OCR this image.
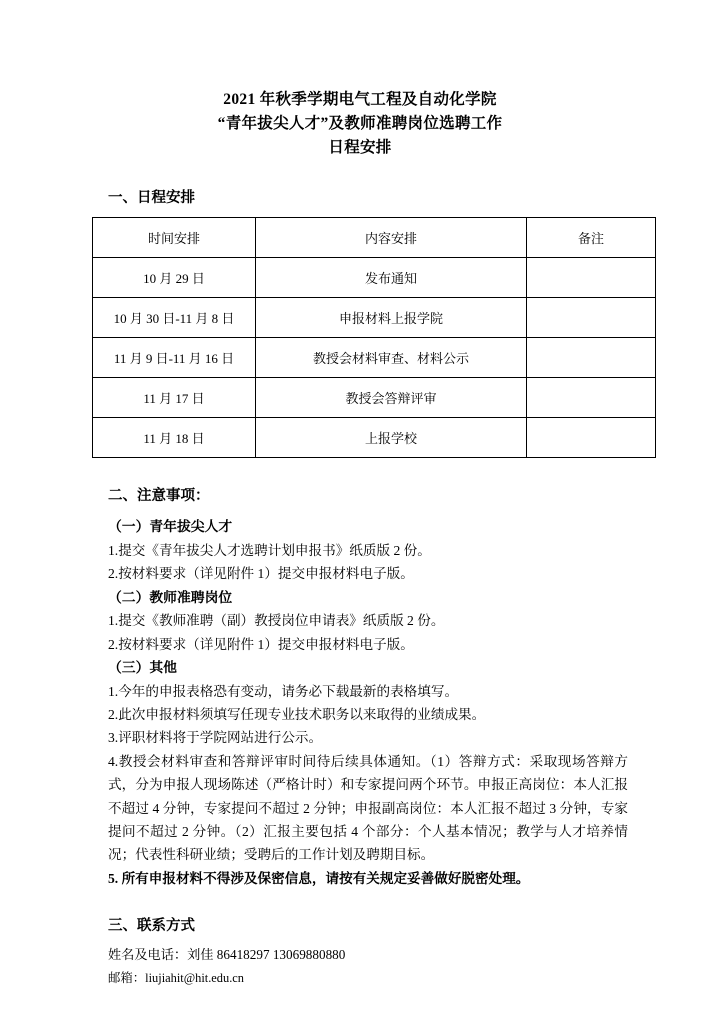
2021 年秋季学期电气工程及自动化学院
“青年拔尖人才”及教师准聘岗位选聘工作
日程安排
一、日程安排
时间安排	内容安排	备注
10 月 29 日	发布通知	
10 月 30 日-11 月 8 日	申报材料上报学院	
11 月 9 日-11 月 16 日	教授会材料审查、材料公示	
11 月 17 日	教授会答辩评审	
11 月 18 日	上报学校	
二、注意事项：
（一）青年拔尖人才

1.提交《青年拔尖人才选聘计划申报书》纸质版 2 份。

2.按材料要求（详见附件 1）提交申报材料电子版。

（二）教师准聘岗位

1.提交《教师准聘（副）教授岗位申请表》纸质版 2 份。

2.按材料要求（详见附件 1）提交申报材料电子版。

（三）其他

1.今年的申报表格恐有变动，请务必下载最新的表格填写。

2.此次申报材料须填写任现专业技术职务以来取得的业绩成果。

3.评职材料将于学院网站进行公示。

4.教授会材料审查和答辩评审时间待后续具体通知。（1）答辩方式：采取现场答辩方式，分为申报人现场陈述（严格计时）和专家提问两个环节。申报正高岗位：本人汇报不超过 4 分钟，专家提问不超过 2 分钟；申报副高岗位：本人汇报不超过 3 分钟，专家提问不超过 2 分钟。（2）汇报主要包括 4 个部分：个人基本情况；教学与人才培养情况；代表性科研业绩；受聘后的工作计划及聘期目标。

5. 所有申报材料不得涉及保密信息，请按有关规定妥善做好脱密处理。

三、联系方式

姓名及电话：刘佳 86418297 13069880880

邮箱：liujiahit@hit.edu.cn
